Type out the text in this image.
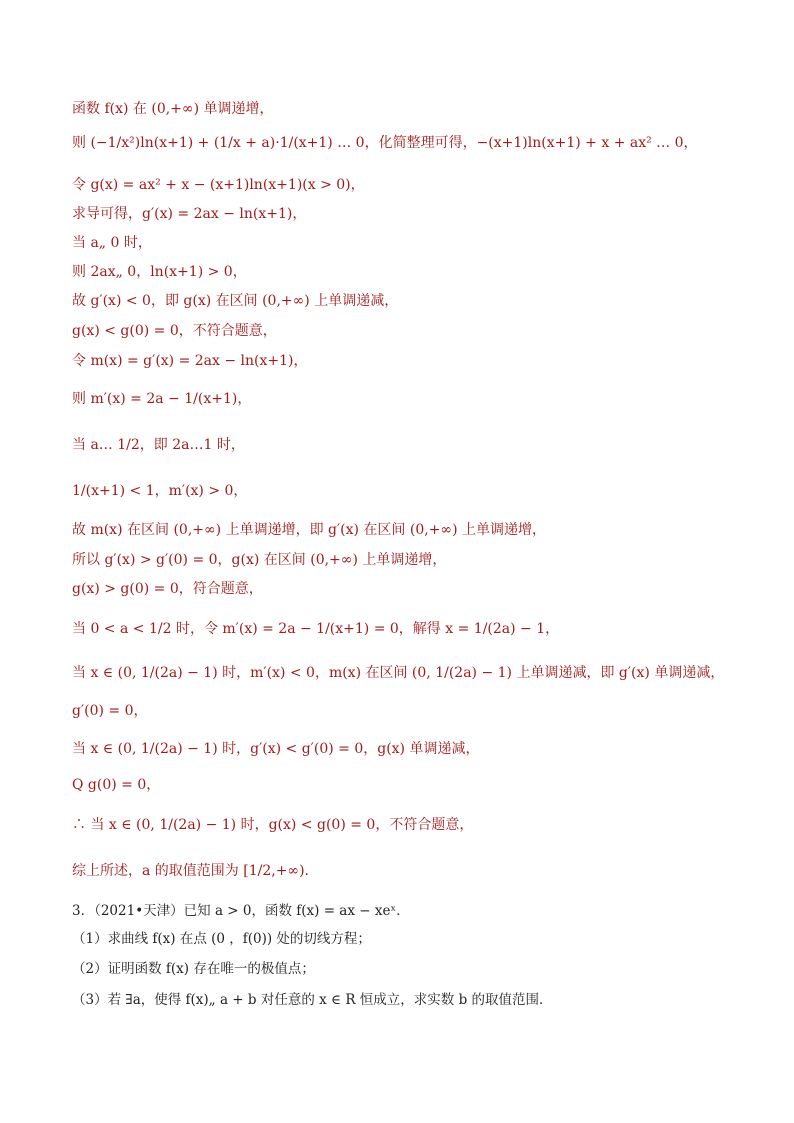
函数 f(x) 在 (0,+∞) 单调递增，
则 (−1/x²)ln(x+1) + (1/x + a)·1/(x+1) … 0，化简整理可得，−(x+1)ln(x+1) + x + ax² … 0，
令 g(x) = ax² + x − (x+1)ln(x+1)(x > 0)，
求导可得，g′(x) = 2ax − ln(x+1)，
当 a„ 0 时，
则 2ax„ 0，ln(x+1) > 0，
故 g′(x) < 0，即 g(x) 在区间 (0,+∞) 上单调递减，
g(x) < g(0) = 0，不符合题意，
令 m(x) = g′(x) = 2ax − ln(x+1)，
则 m′(x) = 2a − 1/(x+1)，
当 a… 1/2，即 2a…1 时，
1/(x+1) < 1，m′(x) > 0，
故 m(x) 在区间 (0,+∞) 上单调递增，即 g′(x) 在区间 (0,+∞) 上单调递增，
所以 g′(x) > g′(0) = 0，g(x) 在区间 (0,+∞) 上单调递增，
g(x) > g(0) = 0，符合题意，
当 0 < a < 1/2 时，令 m′(x) = 2a − 1/(x+1) = 0，解得 x = 1/(2a) − 1，
当 x ∈ (0, 1/(2a) − 1) 时，m′(x) < 0，m(x) 在区间 (0, 1/(2a) − 1) 上单调递减，即 g′(x) 单调递减，
g′(0) = 0，
当 x ∈ (0, 1/(2a) − 1) 时，g′(x) < g′(0) = 0，g(x) 单调递减，
Q g(0) = 0，
∴ 当 x ∈ (0, 1/(2a) − 1) 时，g(x) < g(0) = 0，不符合题意，
综上所述，a 的取值范围为 [1/2,+∞)．
3．（2021•天津）已知 a > 0，函数 f(x) = ax − xeˣ．
（1）求曲线 f(x) 在点 (0 ，f(0)) 处的切线方程；
（2）证明函数 f(x) 存在唯一的极值点；
（3）若 ∃a，使得 f(x)„ a + b 对任意的 x ∈ R 恒成立，求实数 b 的取值范围．
